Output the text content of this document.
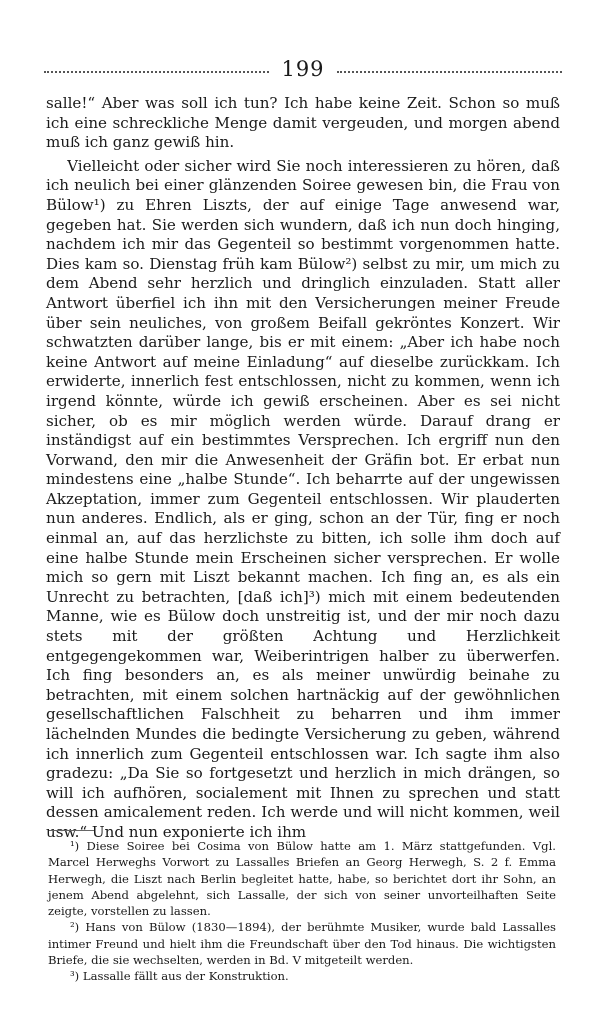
199

salle!“ Aber was soll ich tun? Ich habe keine Zeit. Schon so muß ich eine schreckliche Menge damit vergeuden, und morgen abend muß ich ganz gewiß hin.

Vielleicht oder sicher wird Sie noch interessieren zu hören, daß ich neulich bei einer glänzenden Soiree gewesen bin, die Frau von Bülow¹) zu Ehren Liszts, der auf einige Tage anwesend war, gegeben hat. Sie werden sich wundern, daß ich nun doch hinging, nachdem ich mir das Gegenteil so bestimmt vorgenommen hatte. Dies kam so. Dienstag früh kam Bülow²) selbst zu mir, um mich zu dem Abend sehr herzlich und dringlich einzuladen. Statt aller Antwort überfiel ich ihn mit den Versicherungen meiner Freude über sein neuliches, von großem Beifall gekröntes Konzert. Wir schwatzten darüber lange, bis er mit einem: „Aber ich habe noch keine Antwort auf meine Einladung“ auf dieselbe zurückkam. Ich erwiderte, innerlich fest entschlossen, nicht zu kommen, wenn ich irgend könnte, würde ich gewiß erscheinen. Aber es sei nicht sicher, ob es mir möglich werden würde. Darauf drang er inständigst auf ein bestimmtes Versprechen. Ich ergriff nun den Vorwand, den mir die Anwesenheit der Gräfin bot. Er erbat nun mindestens eine „halbe Stunde“. Ich beharrte auf der ungewissen Akzeptation, immer zum Gegenteil entschlossen. Wir plauderten nun anderes. Endlich, als er ging, schon an der Tür, fing er noch einmal an, auf das herzlichste zu bitten, ich solle ihm doch auf eine halbe Stunde mein Erscheinen sicher versprechen. Er wolle mich so gern mit Liszt bekannt machen. Ich fing an, es als ein Unrecht zu betrachten, [daß ich]³) mich mit einem bedeutenden Manne, wie es Bülow doch unstreitig ist, und der mir noch dazu stets mit der größten Achtung und Herzlichkeit entgegengekommen war, Weiberintrigen halber zu überwerfen. Ich fing besonders an, es als meiner unwürdig beinahe zu betrachten, mit einem solchen hartnäckig auf der gewöhnlichen gesellschaftlichen Falschheit zu beharren und ihm immer lächelnden Mundes die bedingte Versicherung zu geben, während ich innerlich zum Gegenteil entschlossen war. Ich sagte ihm also gradezu: „Da Sie so fortgesetzt und herzlich in mich drängen, so will ich aufhören, socialement mit Ihnen zu sprechen und statt dessen amicalement reden. Ich werde und will nicht kommen, weil usw.“ Und nun exponierte ich ihm

¹) Diese Soiree bei Cosima von Bülow hatte am 1. März stattgefunden. Vgl. Marcel Herweghs Vorwort zu Lassalles Briefen an Georg Herwegh, S. 2 f. Emma Herwegh, die Liszt nach Berlin begleitet hatte, habe, so berichtet dort ihr Sohn, an jenem Abend abgelehnt, sich Lassalle, der sich von seiner unvorteilhaften Seite zeigte, vorstellen zu lassen.

²) Hans von Bülow (1830—1894), der berühmte Musiker, wurde bald Lassalles intimer Freund und hielt ihm die Freundschaft über den Tod hinaus. Die wichtigsten Briefe, die sie wechselten, werden in Bd. V mitgeteilt werden.

³) Lassalle fällt aus der Konstruktion.
